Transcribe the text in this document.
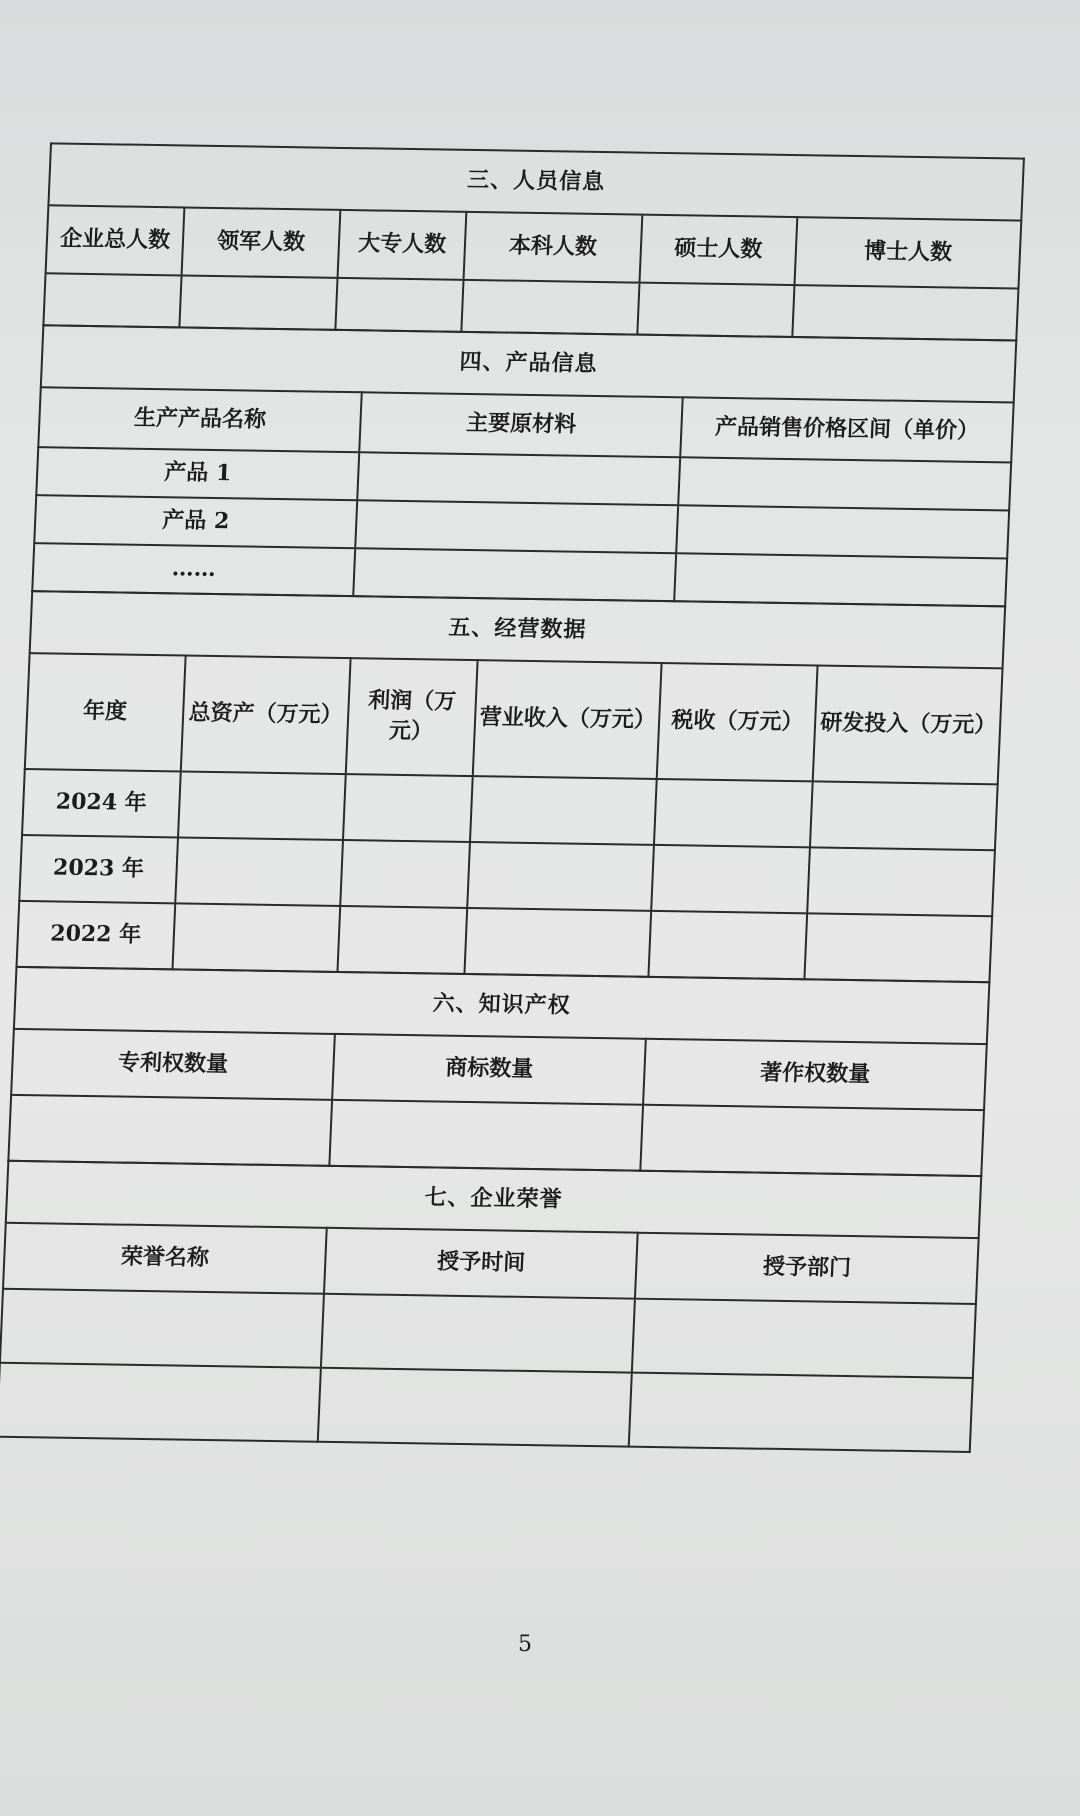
三、人员信息					
企业总人数	领军人数	大专人数	本科人数	硕士人数	博士人数

四、产品信息		
生产产品名称	主要原材料	产品销售价格区间（单价）
产品 1		
产品 2		
……		
五、经营数据					
年度	总资产（万元）	利润（万元）	营业收入（万元）	税收（万元）	研发投入（万元）
2024 年					
2023 年					
2022 年					
六、知识产权		
专利权数量	商标数量	著作权数量

七、企业荣誉		
荣誉名称	授予时间	授予部门

5
